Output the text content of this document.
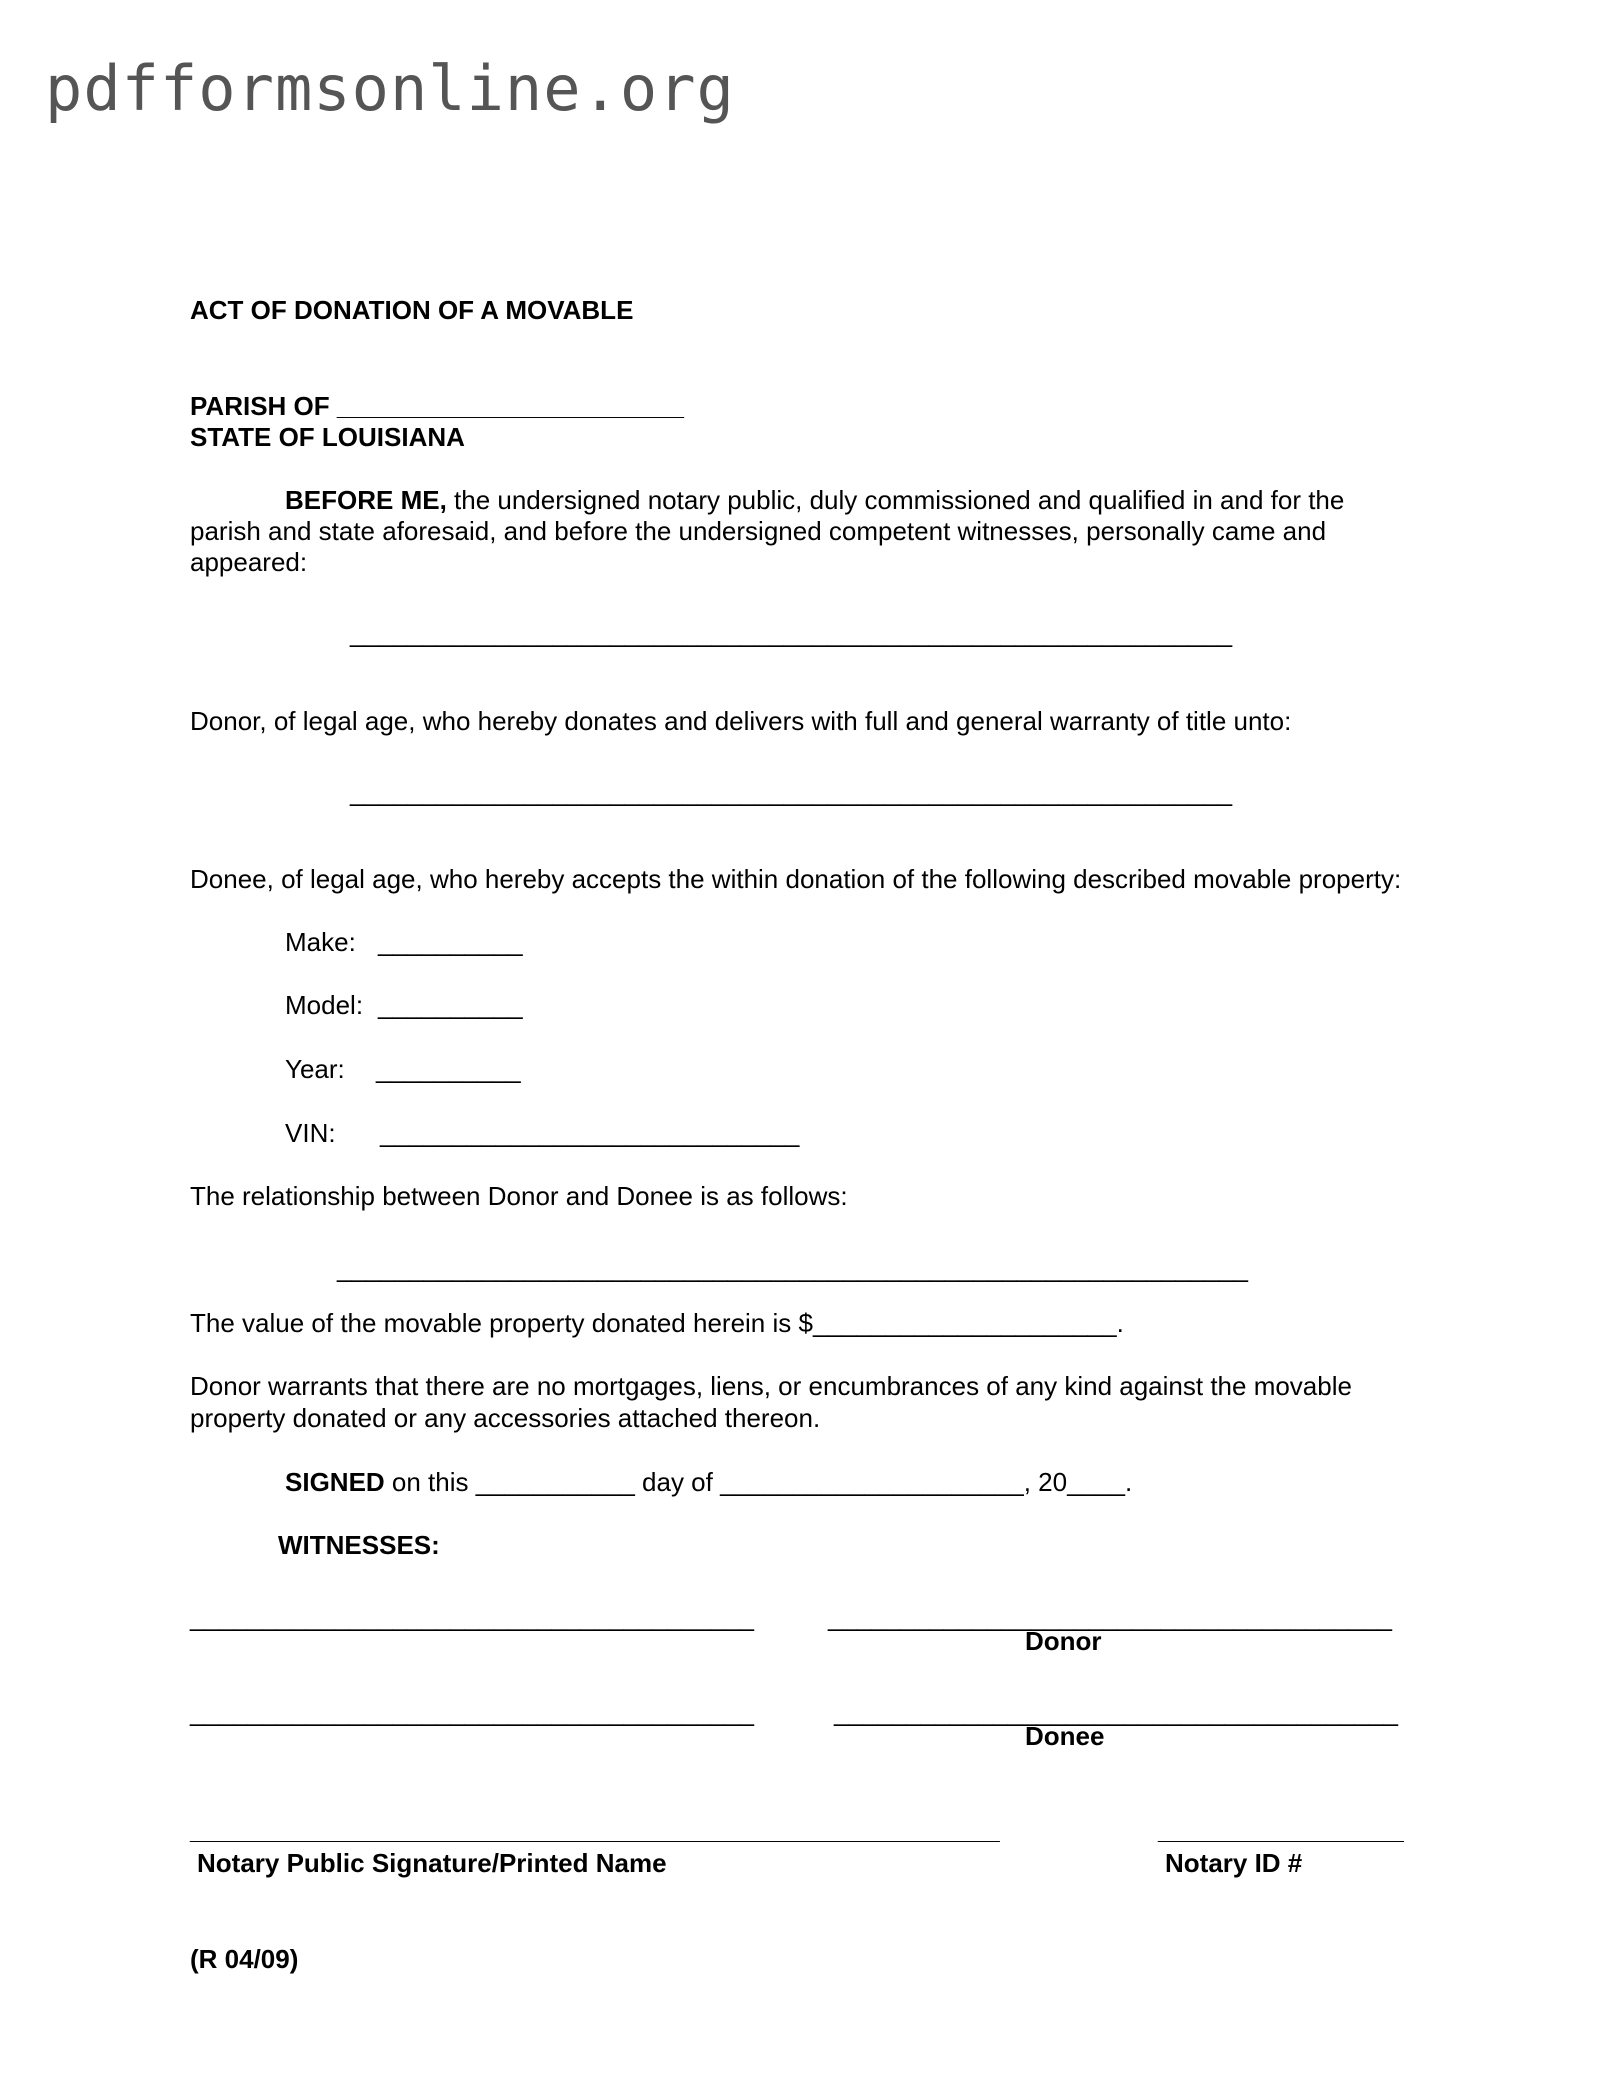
pdfformsonline.org
ACT OF DONATION OF A MOVABLE
PARISH OF ________________________
STATE OF LOUISIANA
BEFORE ME, the undersigned notary public, duly commissioned and qualified in and for the
parish and state aforesaid, and before the undersigned competent witnesses, personally came and
appeared:
_____________________________________________________________
Donor, of legal age, who hereby donates and delivers with full and general warranty of title unto:
_____________________________________________________________
Donee, of legal age, who hereby accepts the within donation of the following described movable property:
Make: __________
Model: __________
Year: __________
VIN: _____________________________
The relationship between Donor and Donee is as follows:
_______________________________________________________________
The value of the movable property donated herein is $_____________________.
Donor warrants that there are no mortgages, liens, or encumbrances of any kind against the movable
property donated or any accessories attached thereon.
SIGNED on this ___________ day of _____________________, 20____.
WITNESSES:
_______________________________________	_______________________________________
Donor
_______________________________________	_______________________________________
Donee
________________________________________________________
Notary Public Signature/Printed Name
_________________
Notary ID #
(R 04/09)
